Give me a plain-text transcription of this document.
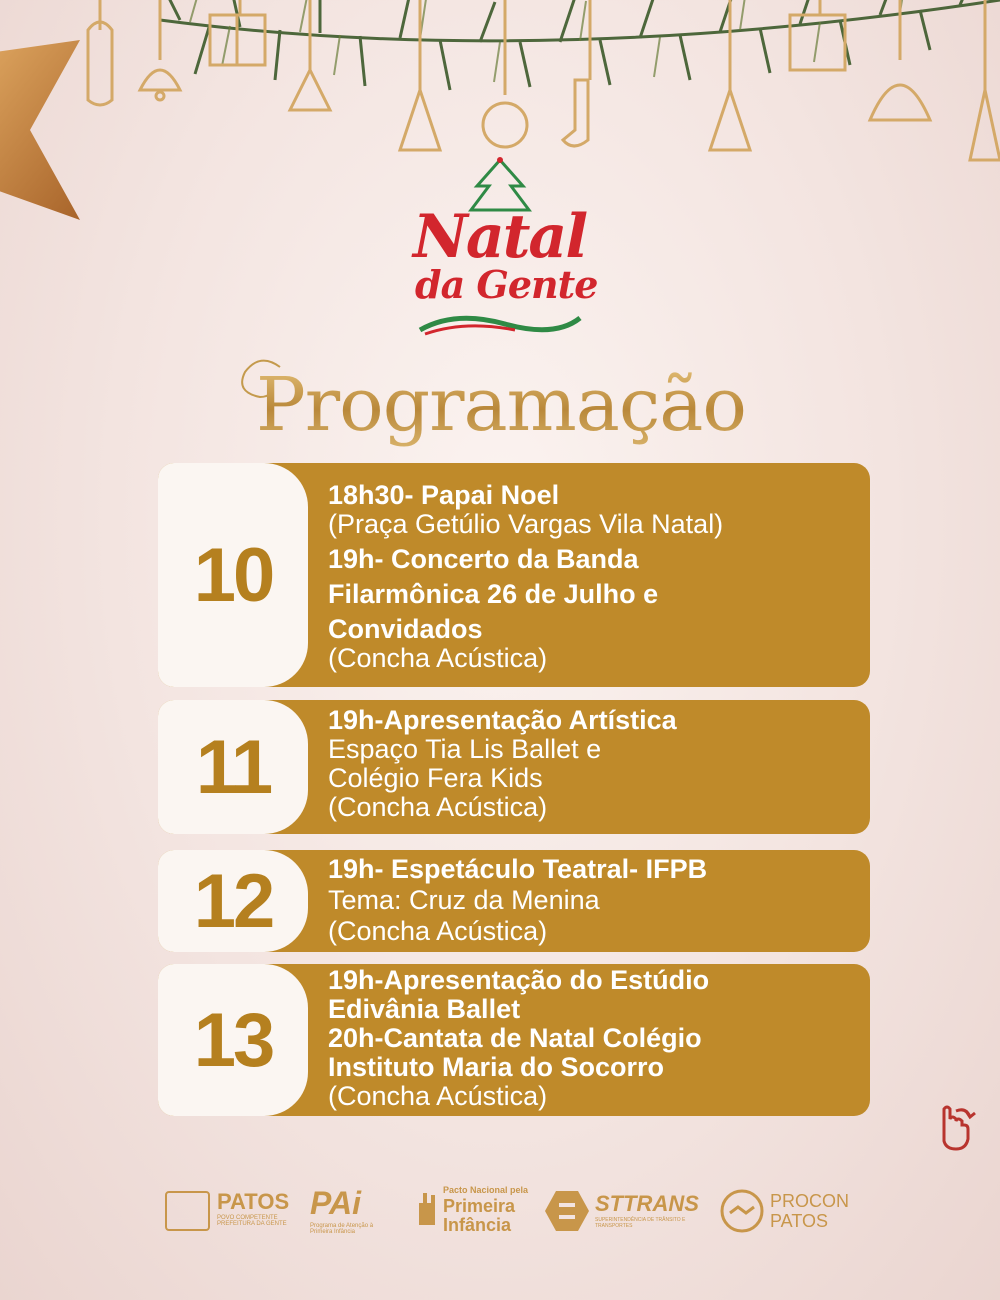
Natal
da Gente
Programação
10
18h30- Papai Noel
(Praça Getúlio Vargas Vila Natal)
19h- Concerto da Banda
Filarmônica 26 de Julho e
Convidados
(Concha Acústica)
11
19h-Apresentação Artística
Espaço Tia Lis Ballet e
Colégio Fera Kids
(Concha Acústica)
12	19h- Espetáculo Teatral- IFPB
Tema: Cruz da Menina
(Concha Acústica)
13
19h-Apresentação do Estúdio
Edivânia Ballet
20h-Cantata de Natal Colégio
Instituto Maria do Socorro
(Concha Acústica)
PATOS
POVO COMPETENTE PREFEITURA DA GENTE
PAi
Programa de Atenção à Primeira Infância
Pacto Nacional pela
Primeira
Infância
STTRANS
SUPERINTENDÊNCIA DE TRÂNSITO E TRANSPORTES
PROCON
PATOS
